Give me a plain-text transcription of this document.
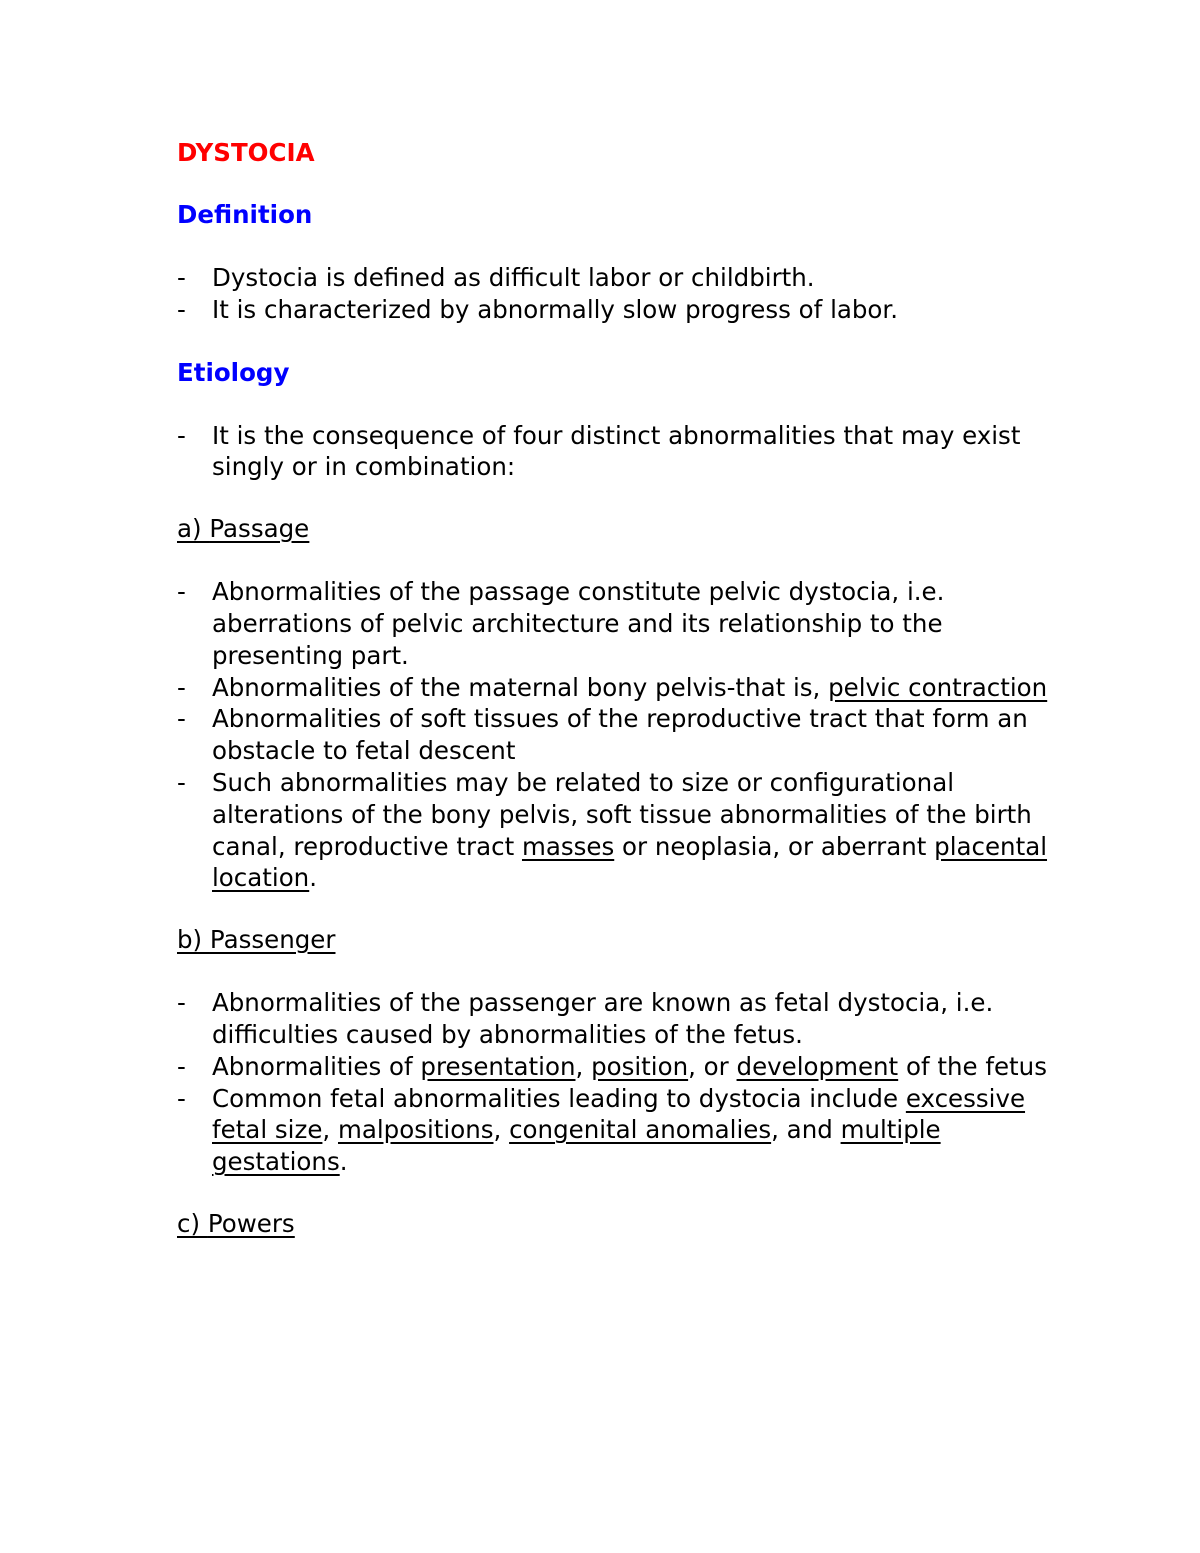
DYSTOCIA

Definition

- Dystocia is defined as difficult labor or childbirth.
- It is characterized by abnormally slow progress of labor.

Etiology

- It is the consequence of four distinct abnormalities that may exist singly or in combination:

a) Passage

- Abnormalities of the passage constitute pelvic dystocia, i.e. aberrations of pelvic architecture and its relationship to the presenting part.
- Abnormalities of the maternal bony pelvis-that is, pelvic contraction
- Abnormalities of soft tissues of the reproductive tract that form an obstacle to fetal descent
- Such abnormalities may be related to size or configurational alterations of the bony pelvis, soft tissue abnormalities of the birth canal, reproductive tract masses or neoplasia, or aberrant placental location.

b) Passenger

- Abnormalities of the passenger are known as fetal dystocia, i.e. difficulties caused by abnormalities of the fetus.
- Abnormalities of presentation, position, or development of the fetus
- Common fetal abnormalities leading to dystocia include excessive fetal size, malpositions, congenital anomalies, and multiple gestations.

c) Powers
